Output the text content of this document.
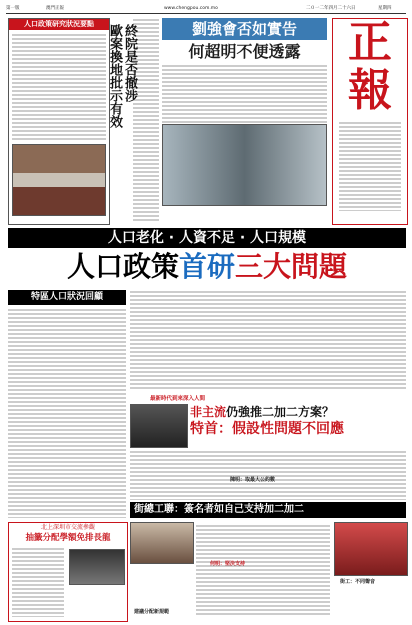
第一版	澳門正報	www.chengpou.com.mo	二０一二年四月二十六日	星期四
人口政策研究狀況要點	終院是否撤涉
歐案換地批示有效	劉強會否如實告
何超明不便透露	正
報
人口老化 · 人資不足 · 人口規模
人口政策首研三大問題
特區人口狀況回顧
最新時代到來深入人間
非主流仍強推二加二方案？
特首：假設性問題不回應
陳明：取最大公約數
北上深圳市交流參觀
抽籤分配學額免排長龍
街總工聯：簽名者如自己支持加二加二
何明：堅決支持
街工：不同聲音
建議分配新規範
